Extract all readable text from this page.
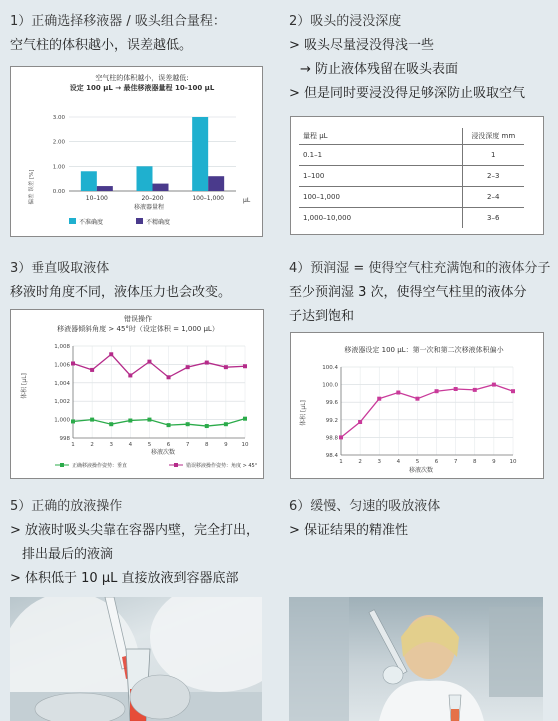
1）正确选择移液器 / 吸头组合量程：
空气柱的体积越小，误差越低。
空气柱的体积越小，误差越低:
设定 100 μL → 最佳移液器量程 10-100 μL
偏差 误差 [%]
移液器量程
μL
0.00
1.00
2.00
3.00
10–100	20–200	100–1,000
不准确度	不精确度
2）吸头的浸没深度
> 吸头尽量浸没得浅一些
→ 防止液体残留在吸头表面
> 但是同时要浸没得足够深防止吸取空气
量程 μL	浸没深度 mm
0.1–1	1
1–100	2–3
100–1,000	2–4
1,000–10,000	3–6
3）垂直吸取液体
移液时角度不同，液体压力也会改变。
错误操作
移液器倾斜角度 > 45°时（设定体积 = 1,000 μL）
体积 [μL]
移液次数
998
1,000
1,002
1,004
1,006
1,008
1	2	3	4	5	6	7	8	9	10
正确移液操作姿势：垂直	错误移液操作姿势：角度 > 45°
4）预润湿 = 使得空气柱充满饱和的液体分子
至少预润湿 3 次，使得空气柱里的液体分
子达到饱和
移液器设定 100 μL：第一次和第二次移液体积偏小
体积 [μL]
移液次数
98.4
98.8
99.2
99.6
100.0
100.4
1	2	3	4	5	6	7	8	9	10
5）正确的放液操作
> 放液时吸头尖靠在容器内壁，完全打出，
排出最后的液滴
> 体积低于 10 μL 直接放液到容器底部
6）缓慢、匀速的吸放液体
> 保证结果的精准性
